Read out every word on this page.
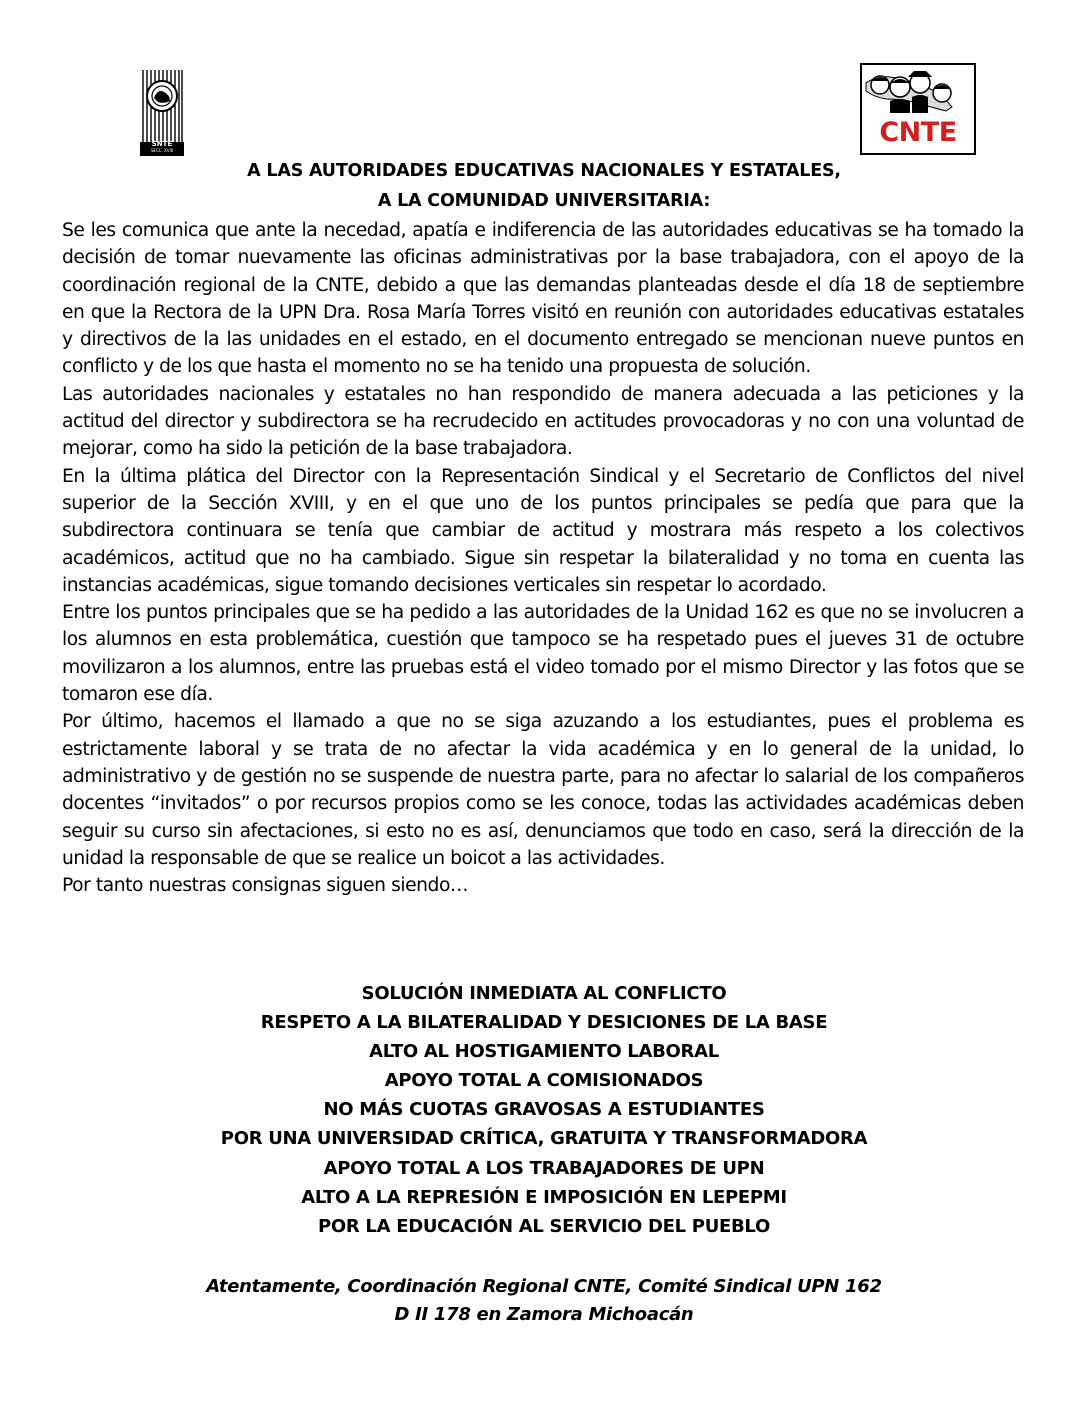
SNTE
SECC. XVIII
CNTE
A LAS AUTORIDADES EDUCATIVAS NACIONALES Y ESTATALES,
A LA COMUNIDAD UNIVERSITARIA:

Se les comunica que ante la necedad, apatía e indiferencia de las autoridades educativas se ha tomado la decisión de tomar nuevamente las oficinas administrativas por la base trabajadora, con el apoyo de la coordinación regional de la CNTE, debido a que las demandas planteadas desde el día 18 de septiembre en que la Rectora de la UPN Dra. Rosa María Torres visitó en reunión con autoridades educativas estatales y directivos de la las unidades en el estado, en el documento entregado se mencionan nueve puntos en conflicto y de los que hasta el momento no se ha tenido una propuesta de solución.

Las autoridades nacionales y estatales no han respondido de manera adecuada a las peticiones y la actitud del director y subdirectora se ha recrudecido en actitudes provocadoras y no con una voluntad de mejorar, como ha sido la petición de la base trabajadora.

En la última plática del Director con la Representación Sindical y el Secretario de Conflictos del nivel superior de la Sección XVIII, y en el que uno de los puntos principales se pedía que para que la subdirectora continuara se tenía que cambiar de actitud y mostrara más respeto a los colectivos académicos, actitud que no ha cambiado. Sigue sin respetar la bilateralidad y no toma en cuenta las instancias académicas, sigue tomando decisiones verticales sin respetar lo acordado.

Entre los puntos principales que se ha pedido a las autoridades de la Unidad 162 es que no se involucren a los alumnos en esta problemática, cuestión que tampoco se ha respetado pues el jueves 31 de octubre movilizaron a los alumnos, entre las pruebas está el video tomado por el mismo Director y las fotos que se tomaron ese día.

Por último, hacemos el llamado a que no se siga azuzando a los estudiantes, pues el problema es estrictamente laboral y se trata de no afectar la vida académica y en lo general de la unidad, lo administrativo y de gestión no se suspende de nuestra parte, para no afectar lo salarial de los compañeros docentes “invitados” o por recursos propios como se les conoce, todas las actividades académicas deben seguir su curso sin afectaciones, si esto no es así, denunciamos que todo en caso, será la dirección de la unidad la responsable de que se realice un boicot a las actividades.

Por tanto nuestras consignas siguen siendo…

SOLUCIÓN INMEDIATA AL CONFLICTO
RESPETO A LA BILATERALIDAD Y DESICIONES DE LA BASE
ALTO AL HOSTIGAMIENTO LABORAL
APOYO TOTAL A COMISIONADOS
NO MÁS CUOTAS GRAVOSAS A ESTUDIANTES
POR UNA UNIVERSIDAD CRÍTICA, GRATUITA Y TRANSFORMADORA
APOYO TOTAL A LOS TRABAJADORES DE UPN
ALTO A LA REPRESIÓN E IMPOSICIÓN EN LEPEPMI
POR LA EDUCACIÓN AL SERVICIO DEL PUEBLO
Atentamente, Coordinación Regional CNTE, Comité Sindical UPN 162
D II 178 en Zamora Michoacán
